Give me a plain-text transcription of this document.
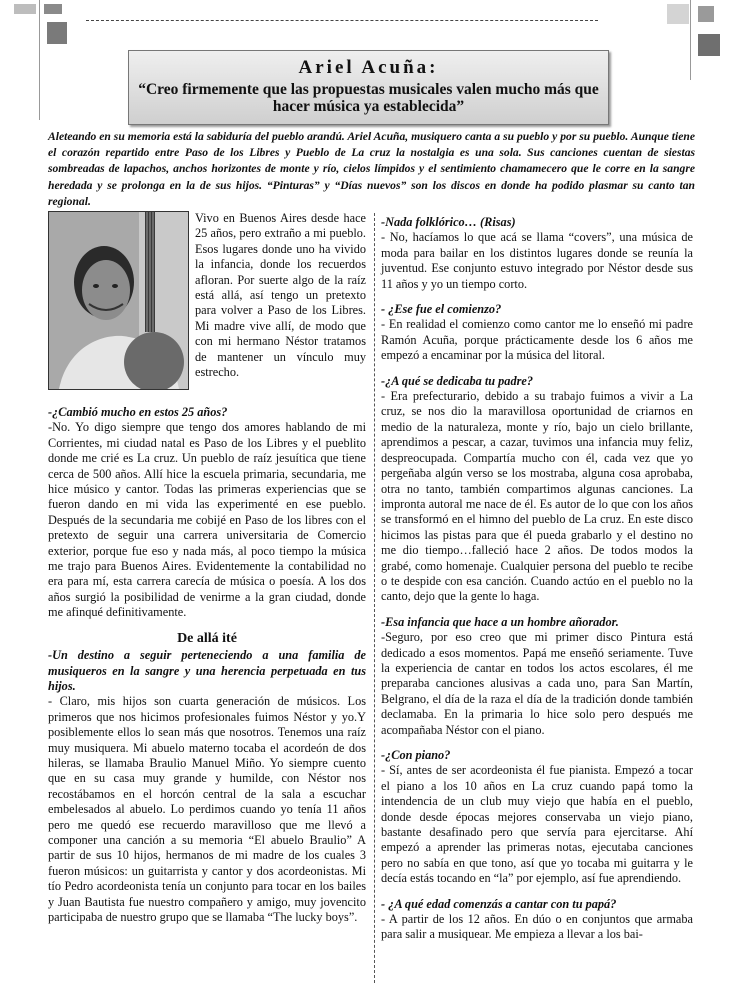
Ariel Acuña:
“Creo firmemente que las propuestas musicales valen mucho más que hacer música ya establecida”
Aleteando en su memoria está la sabiduría del pueblo arandú. Ariel Acuña, musiquero canta a su pueblo y por su pueblo. Aunque tiene el corazón repartido entre Paso de los Libres y Pueblo de La cruz la nostalgia es una sola. Sus canciones cuentan de siestas sombreadas de lapachos, anchos horizontes de monte y río, cielos límpidos y el sentimiento chamamecero que le corre en la sangre heredada y se prolonga en la de sus hijos. “Pinturas” y “Días nuevos” son los discos en donde ha podido plasmar su canto tan regional.
Vivo en Buenos Aires desde hace 25 años, pero extraño a mi pueblo. Esos lugares donde uno ha vivido la infancia, donde los recuerdos afloran. Por suerte algo de la raíz está allá, así tengo un pretexto para volver a Paso de los Libres. Mi madre vive allí, de modo que con mi hermano Néstor tratamos de mantener un vínculo muy estrecho.

-¿Cambió mucho en estos 25 años?

-No. Yo digo siempre que tengo dos amores hablando de mi Corrientes, mi ciudad natal es Paso de los Libres y el pueblito donde me crié es La cruz. Un pueblo de raíz jesuítica que tiene cerca de 500 años. Allí hice la escuela primaria, secundaria, me hice músico y cantor. Todas las primeras experiencias que se fueron dando en mi vida las experimenté en ese pueblo. Después de la secundaria me cobijé en Paso de los libres con el pretexto de seguir una carrera universitaria de Comercio exterior, porque fue eso y nada más, al poco tiempo la música me trajo para Buenos Aires. Evidentemente la contabilidad no era para mí, esta carrera carecía de música o poesía. A los dos años surgió la posibilidad de venirme a la gran ciudad, donde me afinqué definitivamente.

De allá ité

-Un destino a seguir perteneciendo a una familia de musiqueros en la sangre y una herencia perpetuada en tus hijos.

- Claro, mis hijos son cuarta generación de músicos. Los primeros que nos hicimos profesionales fuimos Néstor y yo.Y posiblemente ellos lo sean más que nosotros. Tenemos una raíz muy musiquera. Mi abuelo materno tocaba el acordeón de dos hileras, se llamaba Braulio Manuel Miño. Yo siempre cuento que en su casa muy grande y humilde, con Néstor nos recostábamos en el horcón central de la sala a escuchar embelesados al abuelo. Lo perdimos cuando yo tenía 11 años pero me quedó ese recuerdo maravilloso que me llevó a componer una canción a su memoria “El abuelo Braulio” A partir de sus 10 hijos, hermanos de mi madre de los cuales 3 fueron músicos: un guitarrista y cantor y dos acordeonistas. Mi tío Pedro acordeonista tenía un conjunto para tocar en los bailes y Juan Bautista fue nuestro compañero y amigo, muy jovencito participaba de nuestro grupo que se llamaba “The lucky boys”.

-Nada folklórico… (Risas)

- No, hacíamos lo que acá se llama “covers”, una música de moda para bailar en los distintos lugares donde se reunía la juventud. Ese conjunto estuvo integrado por Néstor desde sus 11 años y yo un tiempo corto.

- ¿Ese fue el comienzo?

- En realidad el comienzo como cantor me lo enseñó mi padre Ramón Acuña, porque prácticamente desde los 6 años me empezó a encaminar por la música del litoral.

-¿A qué se dedicaba tu padre?

- Era prefecturario, debido a su trabajo fuimos a vivir a La cruz, se nos dio la maravillosa oportunidad de criarnos en medio de la naturaleza, monte y río, bajo un cielo brillante, aprendimos a pescar, a cazar, tuvimos una infancia muy feliz, despreocupada. Compartía mucho con él, cada vez que yo pergeñaba algún verso se los mostraba, alguna cosa aprobaba, otra no tanto, también compartimos algunas canciones. La impronta autoral me nace de él. Es autor de lo que con los años se transformó en el himno del pueblo de La cruz. En este disco hicimos las pistas para que él pueda grabarlo y el destino no me dio tiempo…falleció hace 2 años. De todos modos la grabé, como homenaje. Cualquier persona del pueblo te recibe o te despide con esa canción. Cuando actúo en el pueblo no la canto, dejo que la gente lo haga.

-Esa infancia que hace a un hombre añorador.

-Seguro, por eso creo que mi primer disco Pintura está dedicado a esos momentos. Papá me enseñó seriamente. Tuve la experiencia de cantar en todos los actos escolares, él me preparaba canciones alusivas a cada uno, para San Martín, Belgrano, el día de la raza el día de la tradición donde también declamaba. En la primaria lo hice solo pero después me acompañaba Néstor con el piano.

-¿Con piano?

- Sí, antes de ser acordeonista él fue pianista. Empezó a tocar el piano a los 10 años en La cruz cuando papá tomo la intendencia de un club muy viejo que había en el pueblo, donde desde épocas mejores conservaba un viejo piano, bastante desafinado pero que servía para ejercitarse. Ahí empezó a aprender las primeras notas, ejecutaba canciones pero no sabía en que tono, así que yo tocaba mi guitarra y le decía estás tocando en “la” por ejemplo, así fue aprendiendo.

- ¿A qué edad comenzás a cantar con tu papá?

- A partir de los 12 años. En dúo o en conjuntos que armaba para salir a musiquear. Me empieza a llevar a los bai-
